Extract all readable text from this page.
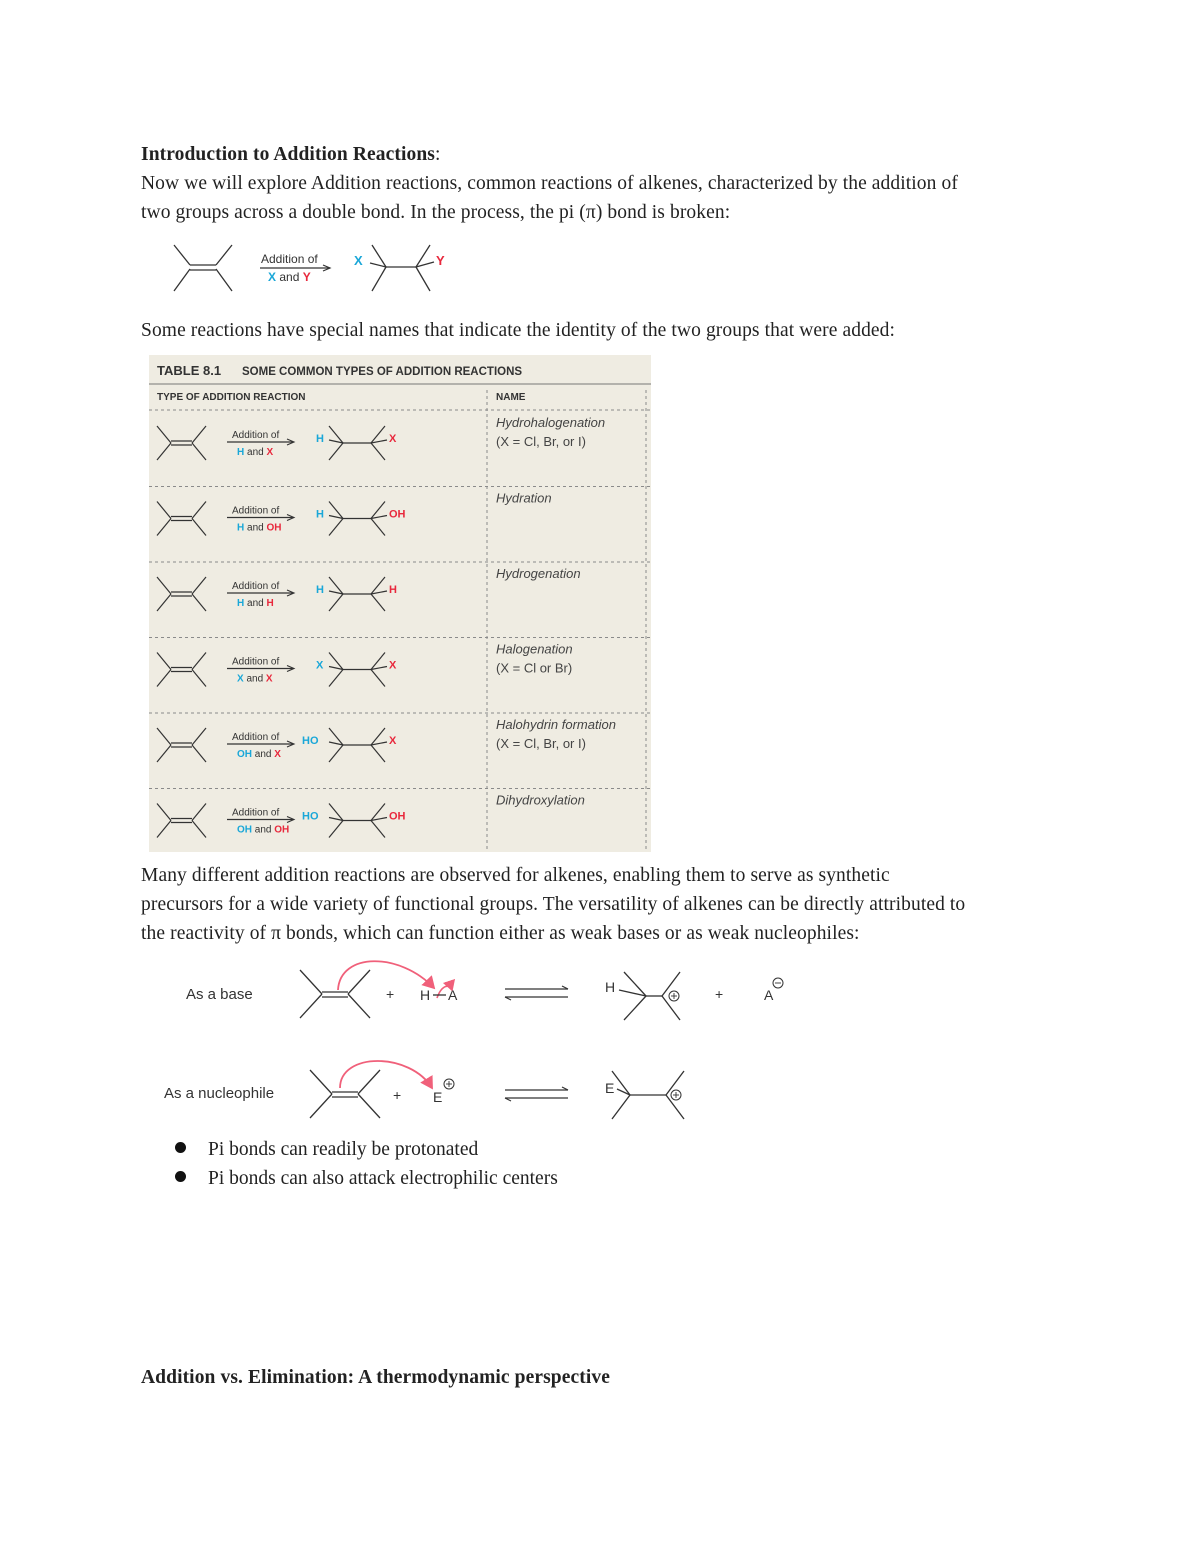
Introduction to Addition Reactions:
Now we will explore Addition reactions, common reactions of alkenes, characterized by the addition of
two groups across a double bond. In the process, the pi (π) bond is broken:
Addition of
X and Y
X	Y
Some reactions have special names that indicate the identity of the two groups that were added:
TABLE 8.1 SOME COMMON TYPES OF ADDITION REACTIONS
TYPE OF ADDITION REACTION	NAME
Addition of
H and X
H	X
Hydrohalogenation
(X = Cl, Br, or I)
Addition of
H and OH
H	OH
Hydration
Addition of
H and H
H	H
Hydrogenation
Addition of
X and X
X	X
Halogenation
(X = Cl or Br)
Addition of
OH and X
HO	X
Halohydrin formation
(X = Cl, Br, or I)
Addition of
OH and OH
HO	OH
Dihydroxylation
Many different addition reactions are observed for alkenes, enabling them to serve as synthetic
precursors for a wide variety of functional groups. The versatility of alkenes can be directly attributed to
the reactivity of π bonds, which can function either as weak bases or as weak nucleophiles:
As a base	+ H A	H	+	A
As a nucleophile	+ E
E
Pi bonds can readily be protonated
Pi bonds can also attack electrophilic centers
Addition vs. Elimination: A thermodynamic perspective
